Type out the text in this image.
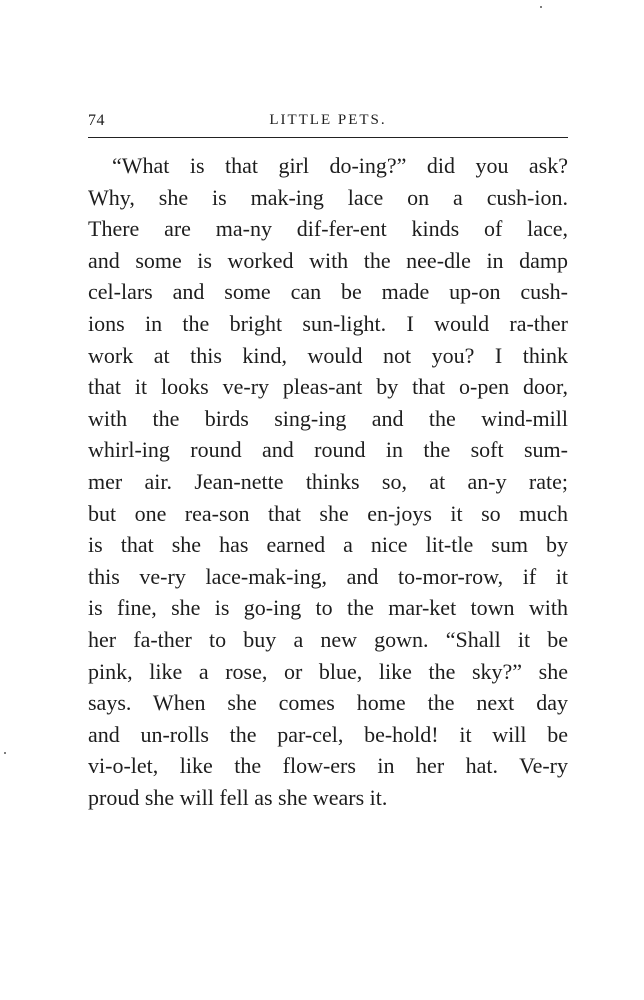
74	LITTLE PETS.
“What is that girl do-ing?” did you ask?
Why, she is mak-ing lace on a cush-ion.
There are ma-ny dif-fer-ent kinds of lace,
and some is worked with the nee-dle in damp
cel-lars and some can be made up-on cush-
ions in the bright sun-light. I would ra-ther
work at this kind, would not you? I think
that it looks ve-ry pleas-ant by that o-pen door,
with the birds sing-ing and the wind-mill
whirl-ing round and round in the soft sum-
mer air. Jean-nette thinks so, at an-y rate;
but one rea-son that she en-joys it so much
is that she has earned a nice lit-tle sum by
this ve-ry lace-mak-ing, and to-mor-row, if it
is fine, she is go-ing to the mar-ket town with
her fa-ther to buy a new gown. “Shall it be
pink, like a rose, or blue, like the sky?” she
says. When she comes home the next day
and un-rolls the par-cel, be-hold! it will be
vi-o-let, like the flow-ers in her hat. Ve-ry
proud she will fell as she wears it.
